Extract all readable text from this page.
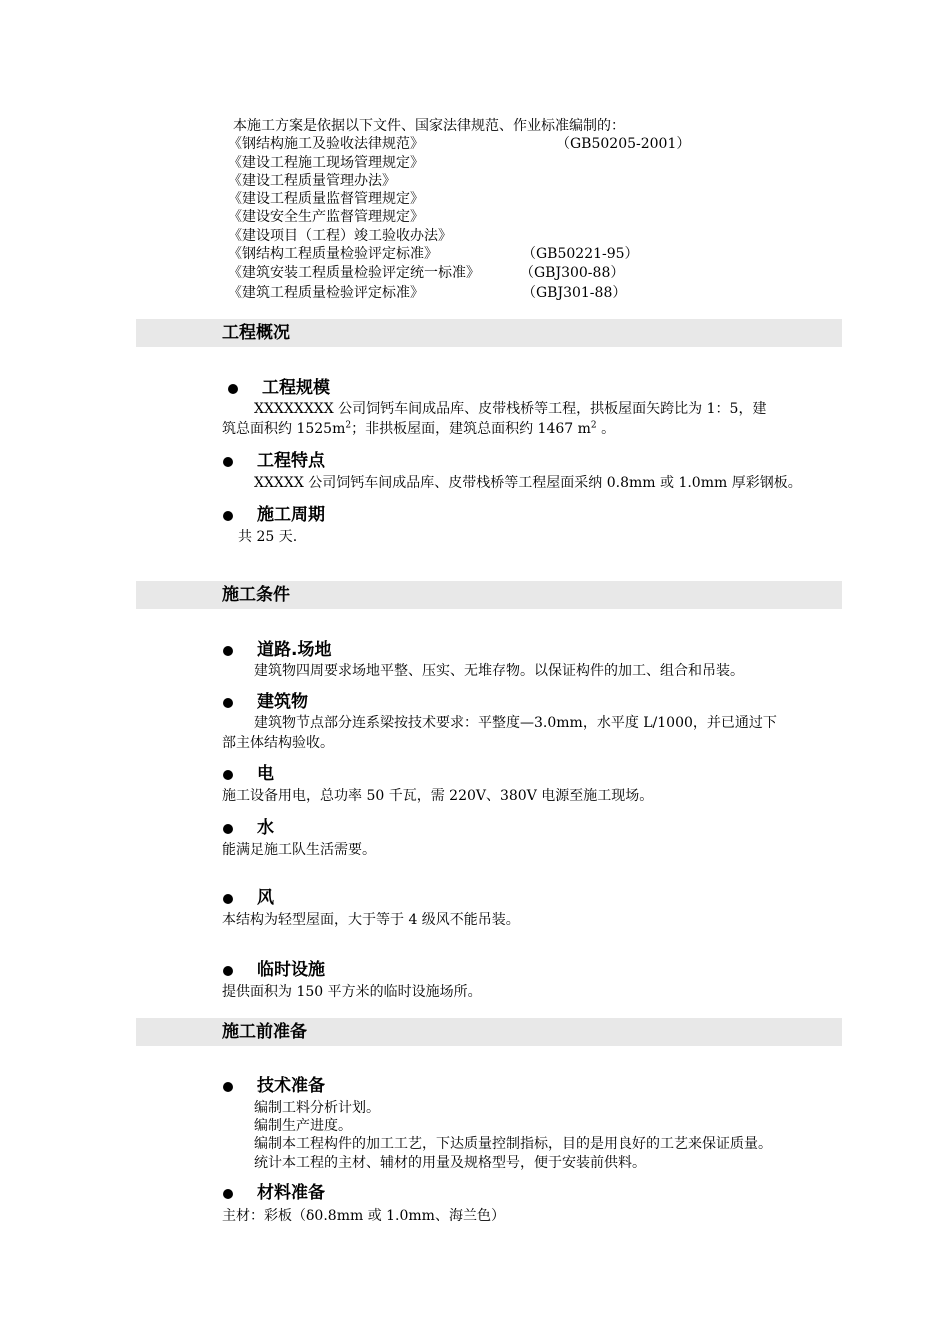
本施工方案是依据以下文件、国家法律规范、作业标准编制的：
《钢结构施工及验收法律规范》	（GB50205-2001）
《建设工程施工现场管理规定》
《建设工程质量管理办法》
《建设工程质量监督管理规定》
《建设安全生产监督管理规定》
《建设项目（工程）竣工验收办法》
《钢结构工程质量检验评定标准》	（GB50221-95）
《建筑安装工程质量检验评定统一标准》	（GBJ300-88）
《建筑工程质量检验评定标准》	（GBJ301-88）
工程概况
工程规模
XXXXXXXX 公司饲钙车间成品库、皮带栈桥等工程，拱板屋面矢跨比为 1：5，建
筑总面积约 $1525m^2$；非拱板屋面，建筑总面积约 1467 $m^2$ 。
工程特点
XXXXX 公司饲钙车间成品库、皮带栈桥等工程屋面采纳 0.8mm 或 1.0mm 厚彩钢板。
施工周期
共 25 天.
施工条件
道路.场地
建筑物四周要求场地平整、压实、无堆存物。以保证构件的加工、组合和吊装。
建筑物
建筑物节点部分连系梁按技术要求：平整度—3.0mm，水平度 L/1000，并已通过下
部主体结构验收。
电
施工设备用电，总功率 50 千瓦，需 220V、380V 电源至施工现场。
水
能满足施工队生活需要。
风
本结构为轻型屋面，大于等于 4 级风不能吊装。
临时设施
提供面积为 150 平方米的临时设施场所。
施工前准备
技术准备
编制工料分析计划。
编制生产进度。
编制本工程构件的加工工艺，下达质量控制指标，目的是用良好的工艺来保证质量。
统计本工程的主材、辅材的用量及规格型号，便于安装前供料。
材料准备
主材：彩板（δ0.8mm 或 1.0mm、海兰色）
